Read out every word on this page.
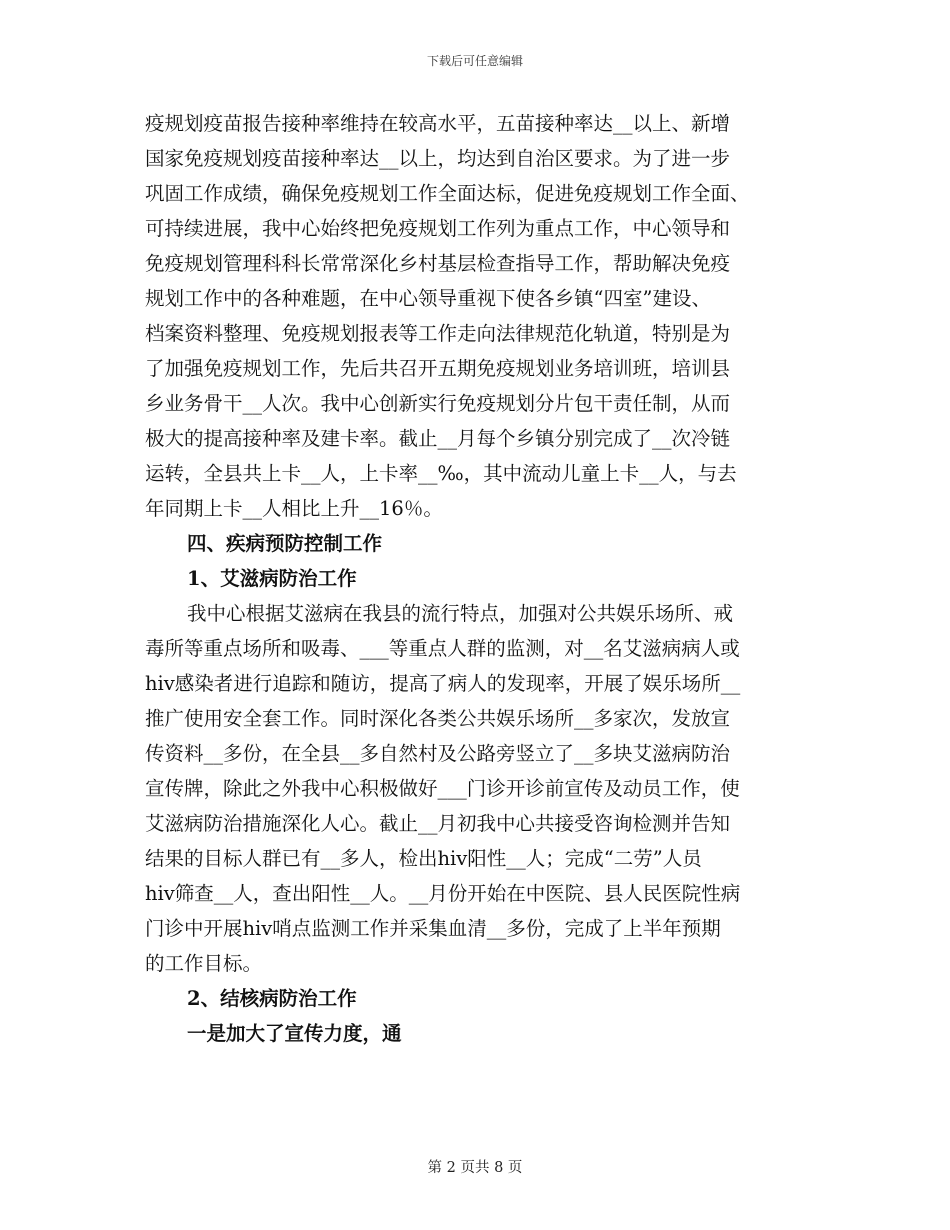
下载后可任意编辑
疫规划疫苗报告接种率维持在较高水平，五苗接种率达__以上、新增
国家免疫规划疫苗接种率达__以上，均达到自治区要求。为了进一步
巩固工作成绩，确保免疫规划工作全面达标，促进免疫规划工作全面、
可持续进展，我中心始终把免疫规划工作列为重点工作，中心领导和
免疫规划管理科科长常常深化乡村基层检查指导工作，帮助解决免疫
规划工作中的各种难题，在中心领导重视下使各乡镇“四室”建设、
档案资料整理、免疫规划报表等工作走向法律规范化轨道，特别是为
了加强免疫规划工作，先后共召开五期免疫规划业务培训班，培训县
乡业务骨干__人次。我中心创新实行免疫规划分片包干责任制，从而
极大的提高接种率及建卡率。截止__月每个乡镇分别完成了__次冷链
运转，全县共上卡__人，上卡率__‰，其中流动儿童上卡__人，与去
年同期上卡__人相比上升__16％。
四、疾病预防控制工作
1、艾滋病防治工作
我中心根据艾滋病在我县的流行特点，加强对公共娱乐场所、戒
毒所等重点场所和吸毒、___等重点人群的监测，对__名艾滋病病人或
hiv感染者进行追踪和随访，提高了病人的发现率，开展了娱乐场所__
推广使用安全套工作。同时深化各类公共娱乐场所__多家次，发放宣
传资料__多份，在全县__多自然村及公路旁竖立了__多块艾滋病防治
宣传牌，除此之外我中心积极做好___门诊开诊前宣传及动员工作，使
艾滋病防治措施深化人心。截止__月初我中心共接受咨询检测并告知
结果的目标人群已有__多人，检出hiv阳性__人；完成“二劳”人员
hiv筛查__人，查出阳性__人。__月份开始在中医院、县人民医院性病
门诊中开展hiv哨点监测工作并采集血清__多份，完成了上半年预期
的工作目标。
2、结核病防治工作
一是加大了宣传力度，通
第 2 页共 8 页
